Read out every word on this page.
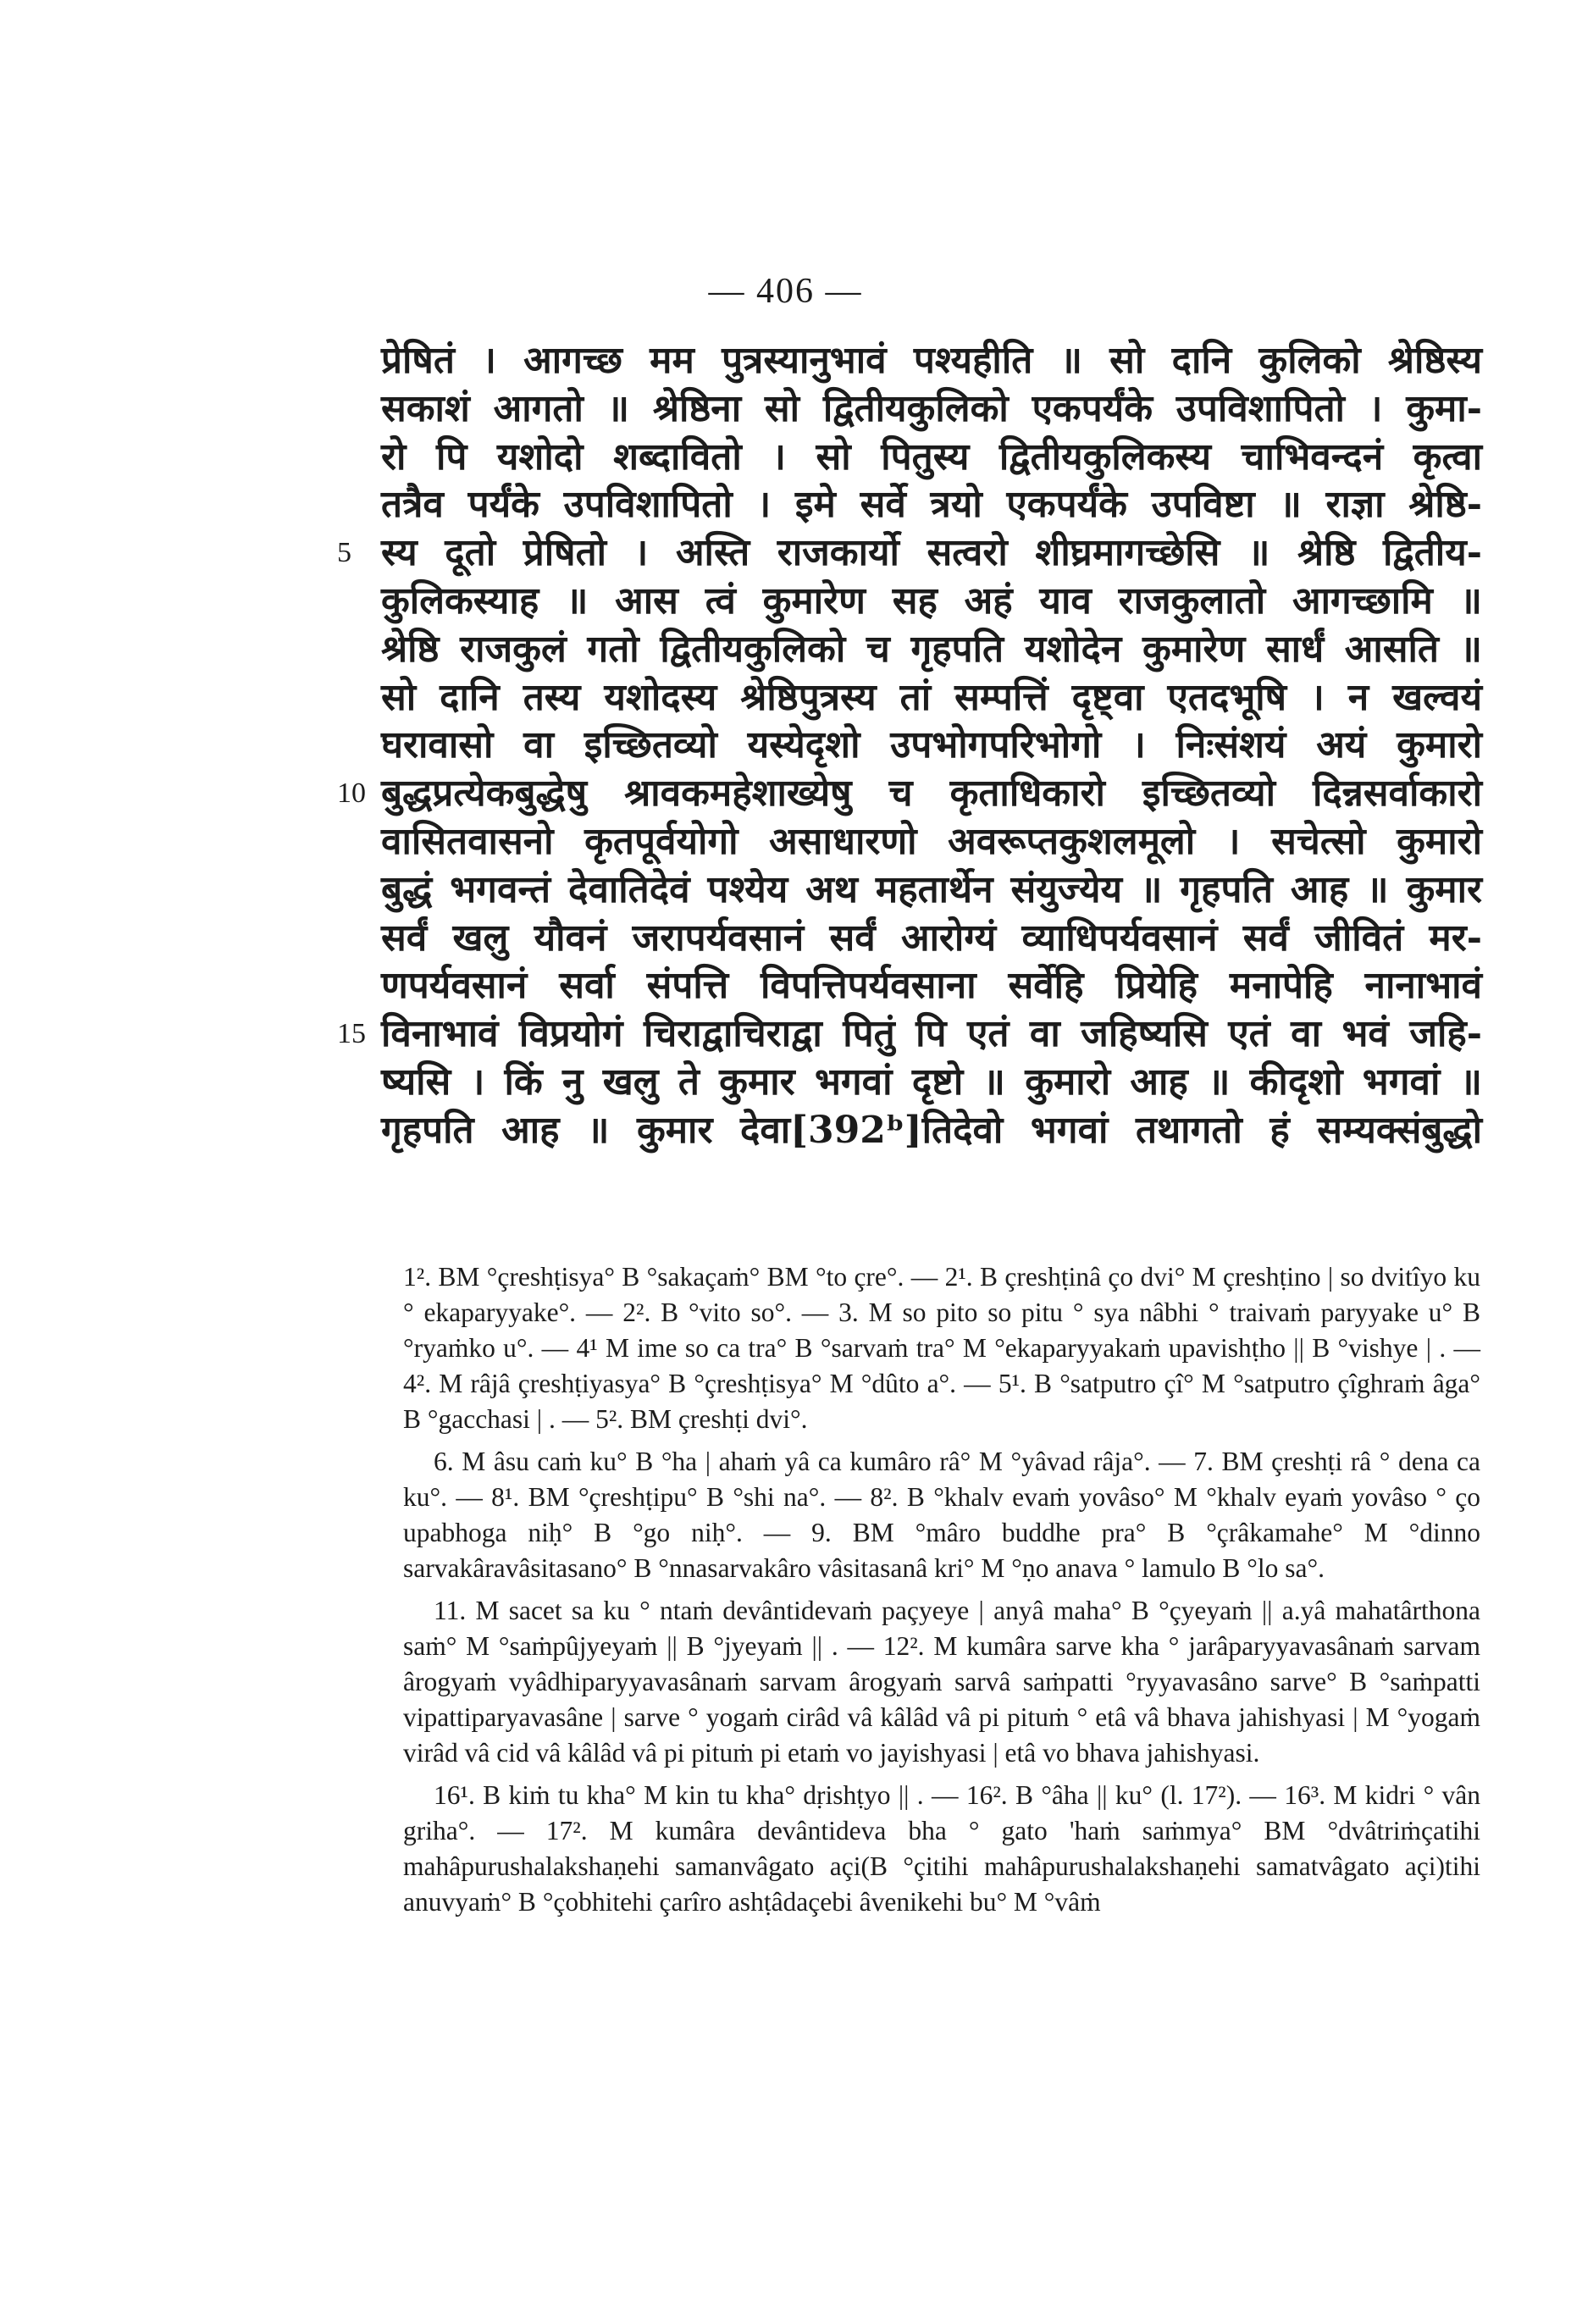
— 406 —
प्रेषितं । आगच्छ मम पुत्रस्यानुभावं पश्यहीति ॥ सो दानि कुलिको श्रेष्ठिस्य
सकाशं आगतो ॥ श्रेष्ठिना सो द्वितीयकुलिको एकपर्यंके उपविशापितो । कुमा-
रो पि यशोदो शब्दावितो । सो पितुस्य द्वितीयकुलिकस्य चाभिवन्दनं कृत्वा
तत्रैव पर्यंके उपविशापितो । इमे सर्वे त्रयो एकपर्यंके उपविष्टा ॥ राज्ञा श्रेष्ठि-
5 स्य दूतो प्रेषितो । अस्ति राजकार्यो सत्वरो शीघ्रमागच्छेसि ॥ श्रेष्ठि द्वितीय-
कुलिकस्याह ॥ आस त्वं कुमारेण सह अहं याव राजकुलातो आगच्छामि ॥
श्रेष्ठि राजकुलं गतो द्वितीयकुलिको च गृहपति यशोदेन कुमारेण सार्धं आसति ॥
सो दानि तस्य यशोदस्य श्रेष्ठिपुत्रस्य तां सम्पत्तिं दृष्ट्वा एतदभूषि । न खल्वयं
घरावासो वा इच्छितव्यो यस्येदृशो उपभोगपरिभोगो । निःसंशयं अयं कुमारो
10 बुद्धप्रत्येकबुद्धेषु श्रावकमहेशाख्येषु च कृताधिकारो इच्छितव्यो दिन्नसर्वाकारो
वासितवासनो कृतपूर्वयोगो असाधारणो अवरूप्तकुशलमूलो । सचेत्सो कुमारो
बुद्धं भगवन्तं देवातिदेवं पश्येय अथ महतार्थेन संयुज्येय ॥ गृहपति आह ॥ कुमार
सर्वं खलु यौवनं जरापर्यवसानं सर्वं आरोग्यं व्याधिपर्यवसानं सर्वं जीवितं मर-
णपर्यवसानं सर्वा संपत्ति विपत्तिपर्यवसाना सर्वेहि प्रियेहि मनापेहि नानाभावं
15 विनाभावं विप्रयोगं चिराद्वाचिराद्वा पितुं पि एतं वा जहिष्यसि एतं वा भवं जहि-
ष्यसि । किं नु खलु ते कुमार भगवां दृष्टो ॥ कुमारो आह ॥ कीदृशो भगवां ॥
गृहपति आह ॥ कुमार देवा[392ᵇ]तिदेवो भगवां तथागतो हं सम्यक्संबुद्धो

1². BM °çreshṭisya° B °sakaçaṁ° BM °to çre°. — 2¹. B çreshṭinâ ço dvi° M çreshṭino | so dvitîyo ku ° ekaparyyake°. — 2². B °vito so°. — 3. M so pito so pitu ° sya nâbhi ° traivaṁ paryyake u° B °ryaṁko u°. — 4¹ M ime so ca tra° B °sarvaṁ tra° M °ekaparyyakaṁ upavishṭho || B °vishye | . — 4². M râjâ çreshṭiyasya° B °çreshṭisya° M °dûto a°. — 5¹. B °satputro çî° M °satputro çîghraṁ âga° B °gacchasi | . — 5². BM çreshṭi dvi°.

6. M âsu caṁ ku° B °ha | ahaṁ yâ ca kumâro râ° M °yâvad râja°. — 7. BM çreshṭi râ ° dena ca ku°. — 8¹. BM °çreshṭipu° B °shi na°. — 8². B °khalv evaṁ yovâso° M °khalv eyaṁ yovâso ° ço upabhoga niḥ° B °go niḥ°. — 9. BM °mâro buddhe pra° B °çrâkamahe° M °dinno sarvakâravâsitasano° B °nnasarvakâro vâsitasanâ kri° M °ṇo anava ° lamulo B °lo sa°.

11. M sacet sa ku ° ntaṁ devântidevaṁ paçyeye | anyâ maha° B °çyeyaṁ || a.yâ mahatârthona saṁ° M °saṁpûjyeyaṁ || B °jyeyaṁ || . — 12². M kumâra sarve kha ° jarâparyyavasânaṁ sarvam ârogyaṁ vyâdhiparyyavasânaṁ sarvam ârogyaṁ sarvâ saṁpatti °ryyavasâno sarve° B °saṁpatti vipattiparyavasâne | sarve ° yogaṁ cirâd vâ kâlâd vâ pi pituṁ ° etâ vâ bhava jahishyasi | M °yogaṁ virâd vâ cid vâ kâlâd vâ pi pituṁ pi etaṁ vo jayishyasi | etâ vo bhava jahishyasi.

16¹. B kiṁ tu kha° M kin tu kha° dṛishṭyo || . — 16². B °âha || ku° (l. 17²). — 16³. M kidri ° vân griha°. — 17². M kumâra devântideva bha ° gato 'haṁ saṁmya° BM °dvâtriṁçatihi mahâpurushalakshaṇehi samanvâgato açi(B °çitihi mahâpurushalakshaṇehi samatvâgato açi)tihi anuvyaṁ° B °çobhitehi çarîro ashṭâdaçebi âvenikehi bu° M °vâṁ
